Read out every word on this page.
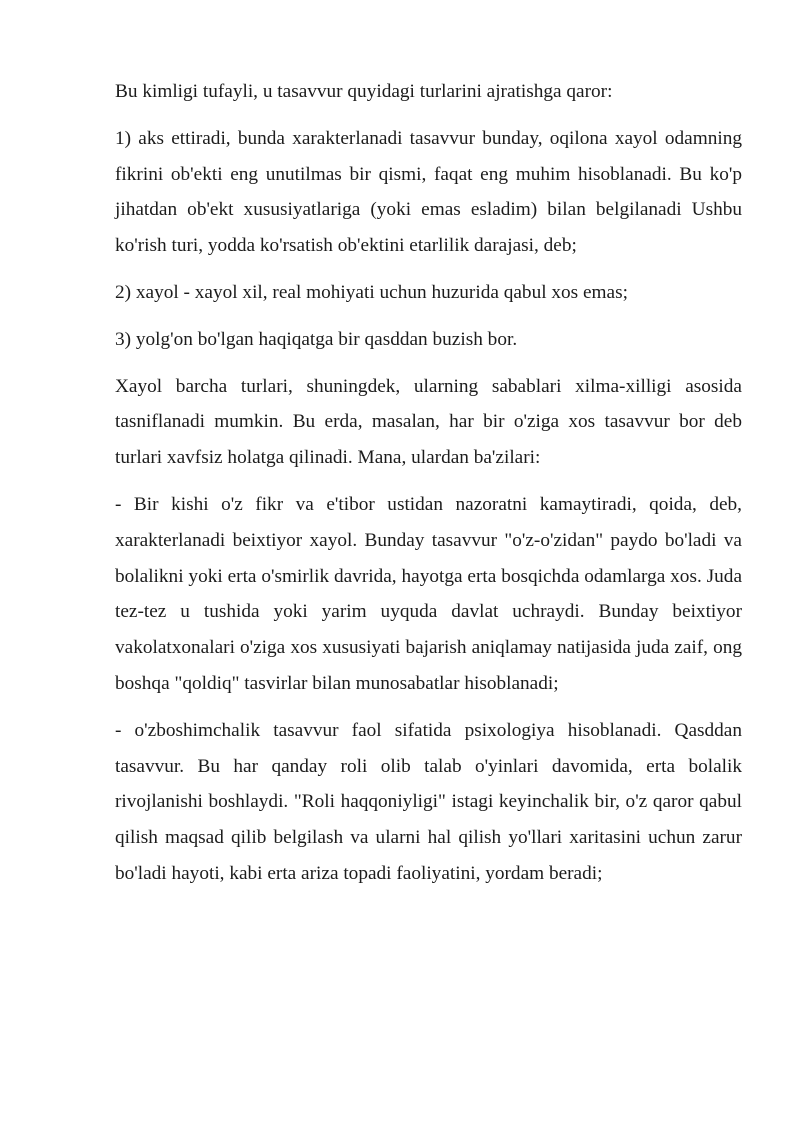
Bu kimligi tufayli, u tasavvur quyidagi turlarini ajratishga qaror:

1) aks ettiradi, bunda xarakterlanadi tasavvur bunday, oqilona xayol odamning fikrini ob'ekti eng unutilmas bir qismi, faqat eng muhim hisoblanadi. Bu ko'p jihatdan ob'ekt xususiyatlariga (yoki emas esladim) bilan belgilanadi Ushbu ko'rish turi, yodda ko'rsatish ob'ektini etarlilik darajasi, deb;

2) xayol - xayol xil, real mohiyati uchun huzurida qabul xos emas;

3) yolg'on bo'lgan haqiqatga bir qasddan buzish bor.

Xayol barcha turlari, shuningdek, ularning sabablari xilma-xilligi asosida tasniflanadi mumkin. Bu erda, masalan, har bir o'ziga xos tasavvur bor deb turlari xavfsiz holatga qilinadi. Mana, ulardan ba'zilari:

- Bir kishi o'z fikr va e'tibor ustidan nazoratni kamaytiradi, qoida, deb, xarakterlanadi beixtiyor xayol. Bunday tasavvur "o'z-o'zidan" paydo bo'ladi va bolalikni yoki erta o'smirlik davrida, hayotga erta bosqichda odamlarga xos. Juda tez-tez u tushida yoki yarim uyquda davlat uchraydi. Bunday beixtiyor vakolatxonalari o'ziga xos xususiyati bajarish aniqlamay natijasida juda zaif, ong boshqa "qoldiq" tasvirlar bilan munosabatlar hisoblanadi;

- o'zboshimchalik tasavvur faol sifatida psixologiya hisoblanadi. Qasddan tasavvur. Bu har qanday roli olib talab o'yinlari davomida, erta bolalik rivojlanishi boshlaydi. "Roli haqqoniyligi" istagi keyinchalik bir, o'z qaror qabul qilish maqsad qilib belgilash va ularni hal qilish yo'llari xaritasini uchun zarur bo'ladi hayoti, kabi erta ariza topadi faoliyatini, yordam beradi;
